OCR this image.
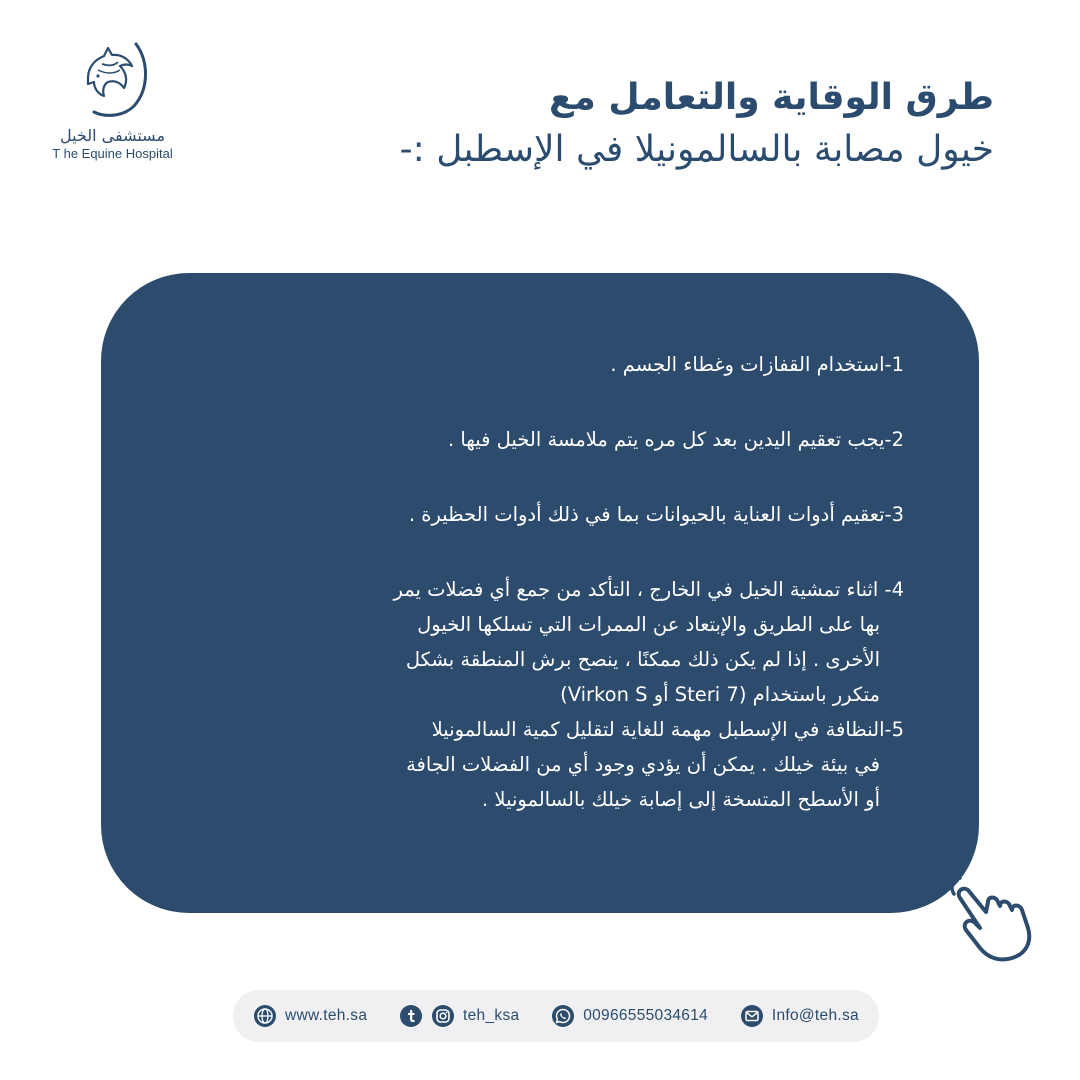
مستشفى الخيل
T he Equine Hospital
طرق الوقاية والتعامل مع
خيول مصابة بالسالمونيلا في الإسطبل :-
1-استخدام القفازات وغطاء الجسم .
2-يجب تعقيم اليدين بعد كل مره يتم ملامسة الخيل فيها .
3-تعقيم أدوات العناية بالحيوانات بما في ذلك أدوات الحظيرة .
4- اثناء تمشية الخيل في الخارج ، التأكد من جمع أي فضلات يمر
بها على الطريق والإبتعاد عن الممرات التي تسلكها الخيول
الأخرى . إذا لم يكن ذلك ممكنًا ، ينصح برش المنطقة بشكل
متكرر باستخدام (Steri 7 أو Virkon S)
5-النظافة في الإسطبل مهمة للغاية لتقليل كمية السالمونيلا
في بيئة خيلك . يمكن أن يؤدي وجود أي من الفضلات الجافة
أو الأسطح المتسخة إلى إصابة خيلك بالسالمونيلا .
www.teh.sa	teh_ksa	00966555034614	Info@teh.sa
